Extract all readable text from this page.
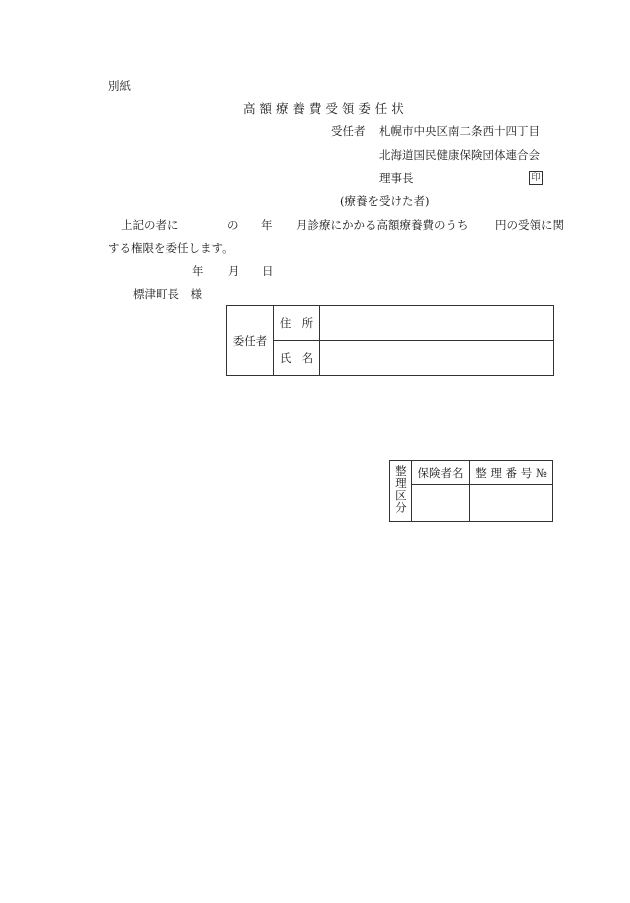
別紙
高 額 療 養 費 受 領 委 任 状
受任者 札幌市中央区南二条西十四丁目
北海道国民健康保険団体連合会
理事長	印
(療養を受けた者)
上記の者に	の 年 月診療にかかる高額療養費のうち 円の受領に関
する権限を委任します。
年 月 日
標津町長　様
委任者	住所	
	氏名	
整理区分	保険者名	整 理 番 号 №
